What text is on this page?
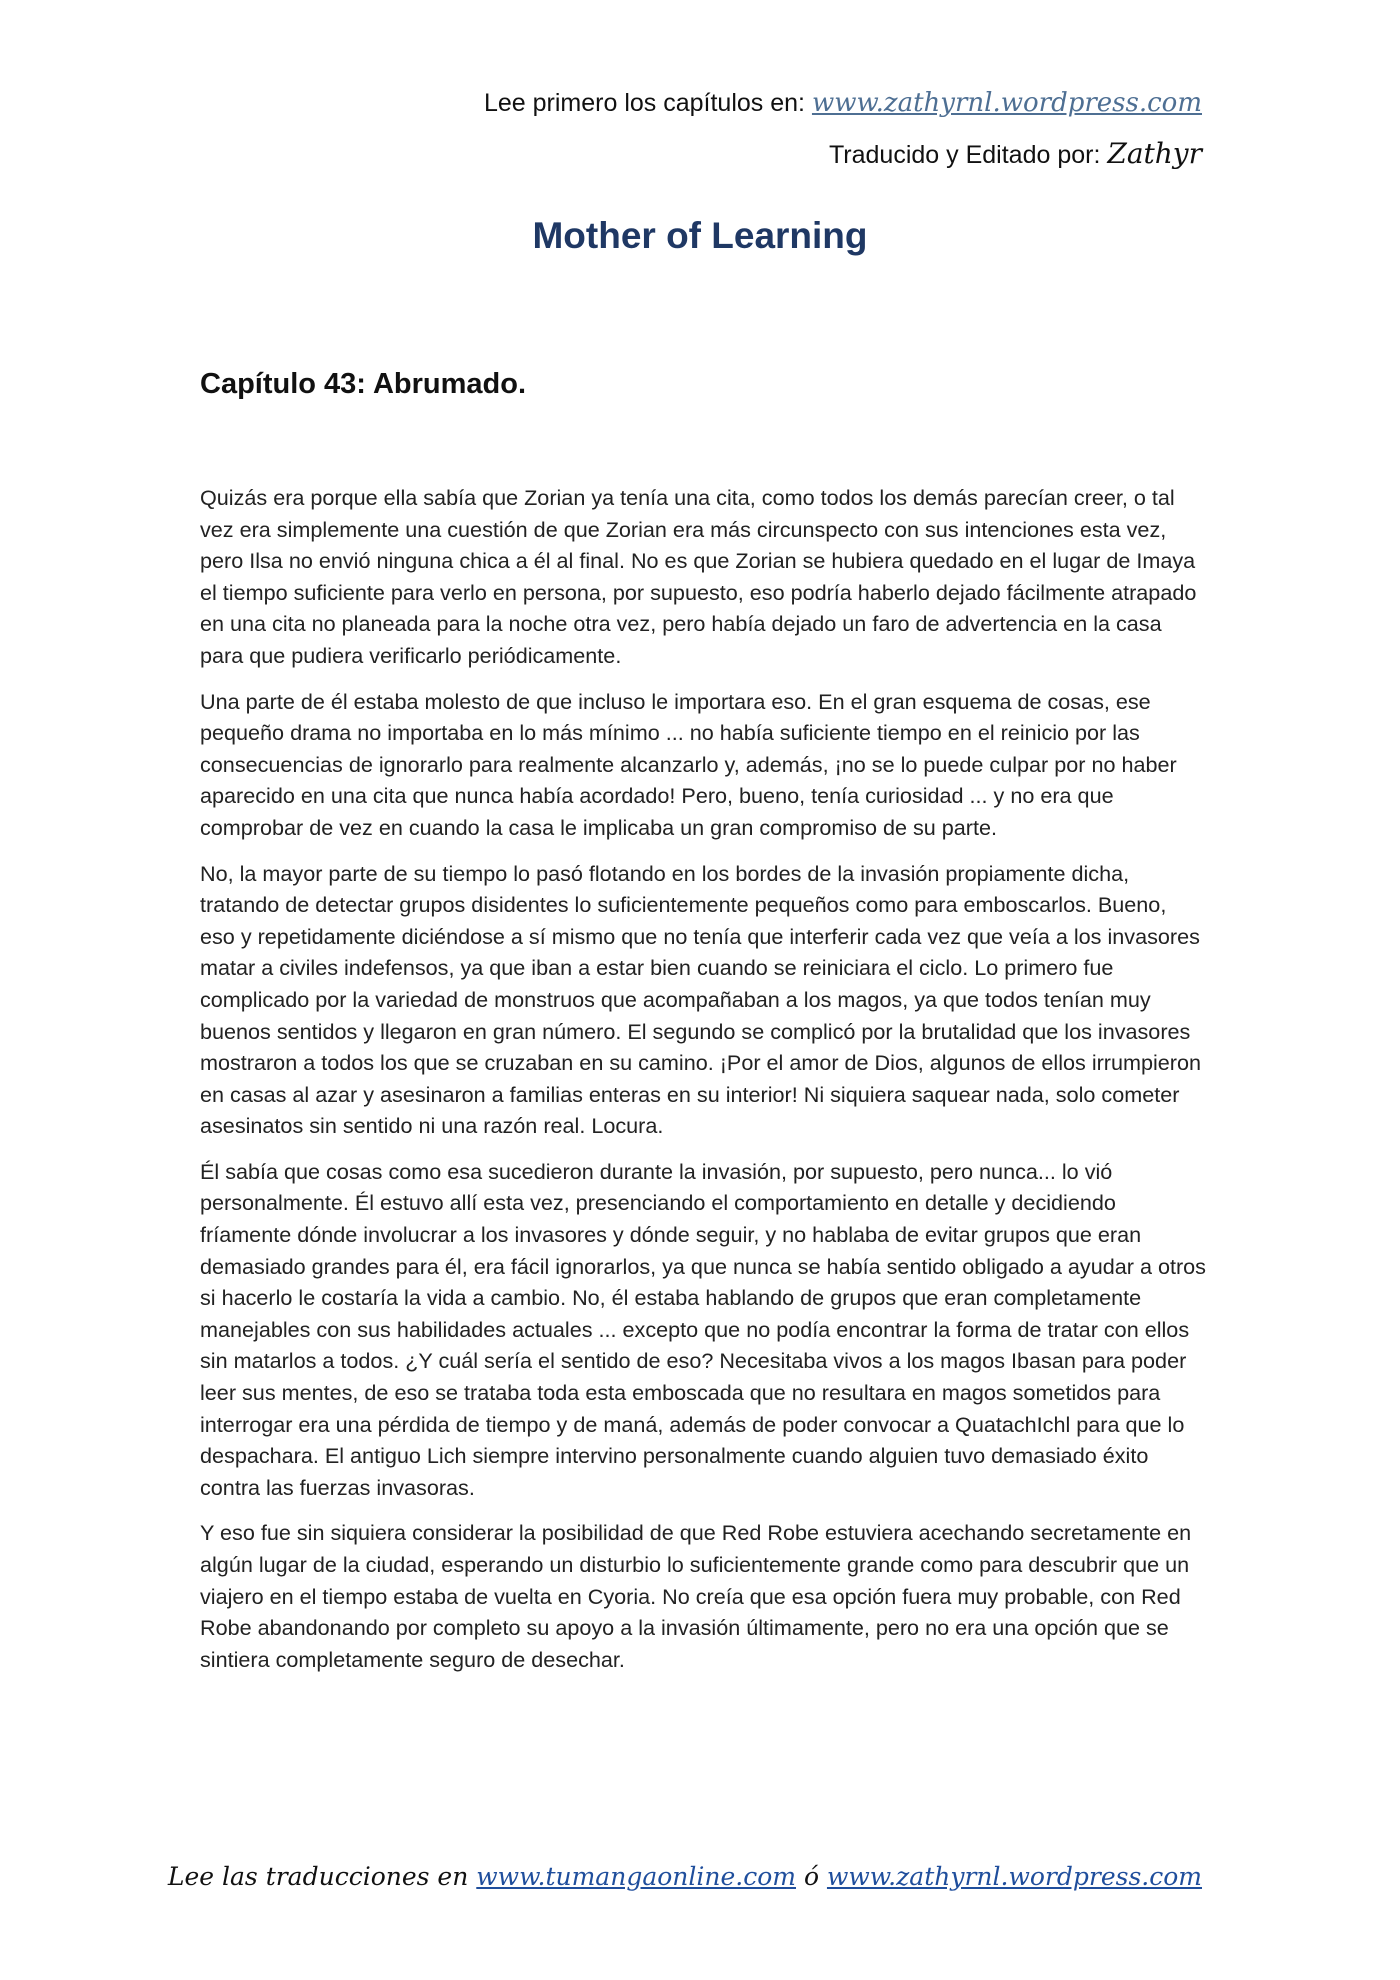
Lee primero los capítulos en: www.zathyrnl.wordpress.com
Traducido y Editado por: Zathyr
Mother of Learning
Capítulo 43: Abrumado.

Quizás era porque ella sabía que Zorian ya tenía una cita, como todos los demás parecían creer, o tal vez era simplemente una cuestión de que Zorian era más circunspecto con sus intenciones esta vez, pero Ilsa no envió ninguna chica a él al final. No es que Zorian se hubiera quedado en el lugar de Imaya el tiempo suficiente para verlo en persona, por supuesto, eso podría haberlo dejado fácilmente atrapado en una cita no planeada para la noche otra vez, pero había dejado un faro de advertencia en la casa para que pudiera verificarlo periódicamente.

Una parte de él estaba molesto de que incluso le importara eso. En el gran esquema de cosas, ese pequeño drama no importaba en lo más mínimo ... no había suficiente tiempo en el reinicio por las consecuencias de ignorarlo para realmente alcanzarlo y, además, ¡no se lo puede culpar por no haber aparecido en una cita que nunca había acordado! Pero, bueno, tenía curiosidad ... y no era que comprobar de vez en cuando la casa le implicaba un gran compromiso de su parte.

No, la mayor parte de su tiempo lo pasó flotando en los bordes de la invasión propiamente dicha, tratando de detectar grupos disidentes lo suficientemente pequeños como para emboscarlos. Bueno, eso y repetidamente diciéndose a sí mismo que no tenía que interferir cada vez que veía a los invasores matar a civiles indefensos, ya que iban a estar bien cuando se reiniciara el ciclo. Lo primero fue complicado por la variedad de monstruos que acompañaban a los magos, ya que todos tenían muy buenos sentidos y llegaron en gran número. El segundo se complicó por la brutalidad que los invasores mostraron a todos los que se cruzaban en su camino. ¡Por el amor de Dios, algunos de ellos irrumpieron en casas al azar y asesinaron a familias enteras en su interior! Ni siquiera saquear nada, solo cometer asesinatos sin sentido ni una razón real. Locura.

Él sabía que cosas como esa sucedieron durante la invasión, por supuesto, pero nunca... lo vió personalmente. Él estuvo allí esta vez, presenciando el comportamiento en detalle y decidiendo fríamente dónde involucrar a los invasores y dónde seguir, y no hablaba de evitar grupos que eran demasiado grandes para él, era fácil ignorarlos, ya que nunca se había sentido obligado a ayudar a otros si hacerlo le costaría la vida a cambio. No, él estaba hablando de grupos que eran completamente manejables con sus habilidades actuales ... excepto que no podía encontrar la forma de tratar con ellos sin matarlos a todos. ¿Y cuál sería el sentido de eso? Necesitaba vivos a los magos Ibasan para poder leer sus mentes, de eso se trataba toda esta emboscada que no resultara en magos sometidos para interrogar era una pérdida de tiempo y de maná, además de poder convocar a QuatachIchl para que lo despachara. El antiguo Lich siempre intervino personalmente cuando alguien tuvo demasiado éxito contra las fuerzas invasoras.

Y eso fue sin siquiera considerar la posibilidad de que Red Robe estuviera acechando secretamente en algún lugar de la ciudad, esperando un disturbio lo suficientemente grande como para descubrir que un viajero en el tiempo estaba de vuelta en Cyoria. No creía que esa opción fuera muy probable, con Red Robe abandonando por completo su apoyo a la invasión últimamente, pero no era una opción que se sintiera completamente seguro de desechar.

Lee las traducciones en www.tumangaonline.com ó www.zathyrnl.wordpress.com
